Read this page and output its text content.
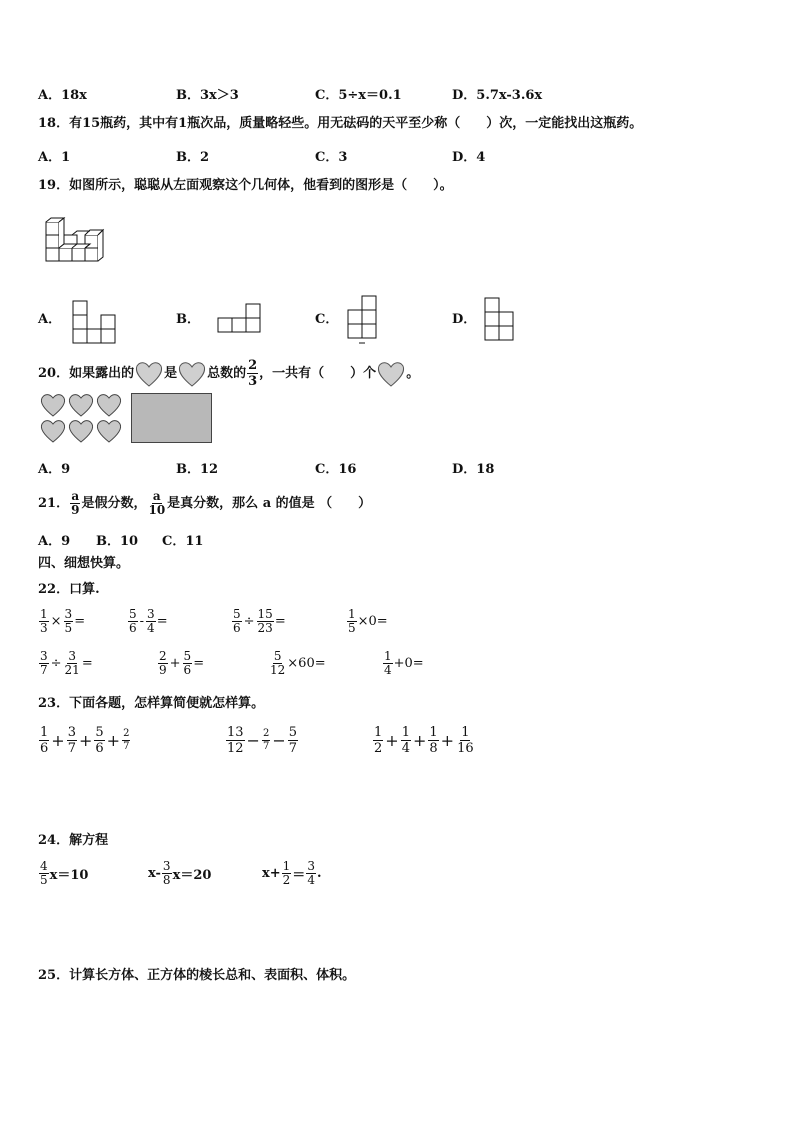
A．18x	B．3x＞3	C．5÷x＝0.1	D．5.7x-3.6x
18．有15瓶药，其中有1瓶次品，质量略轻些。用无砝码的天平至少称（　　）次，一定能找出这瓶药。
A．1	B．2	C．3	D．4
19．如图所示，聪聪从左面观察这个几何体，他看到的图形是（　　）。
A．	B．	C．	D．
20．如果露出的 是 总数的 $\frac{2}{3}$ ，一共有（　　）个 。
A．9	B．12	C．16	D．18
21． $\frac{a}{9}$ 是假分数， $\frac{a}{10}$ 是真分数，那么 a 的值是 （　　）
A．9 B．10 C．11
四、细想快算。
22．口算.
$\frac{1}{3} \times \frac{3}{5}$ =	$\frac{5}{6} - \frac{3}{4}$ =	$\frac{5}{6} \div \frac{15}{23}$ =	$\frac{1}{5} \times 0=$
$\frac{3}{7} \div \frac{3}{21}$ =	$\frac{2}{9} + \frac{5}{6}$ =	$\frac{5}{12} \times 60=$	$\frac{1}{4} +0=$
23．下面各题，怎样算简便就怎样算。
$\frac{1}{6} + \frac{3}{7} + \frac{5}{6} + \frac{2}{7}$	$\frac{13}{12} - \frac{2}{7} - \frac{5}{7}$	$\frac{1}{2} + \frac{1}{4} + \frac{1}{8} + \frac{1}{16}$
24．解方程
$\frac{4}{5} x=10$	$x- \frac{3}{8} x=20$	$x+ \frac{1}{2} = \frac{3}{4}$ .
25．计算长方体、正方体的棱长总和、表面积、体积。
